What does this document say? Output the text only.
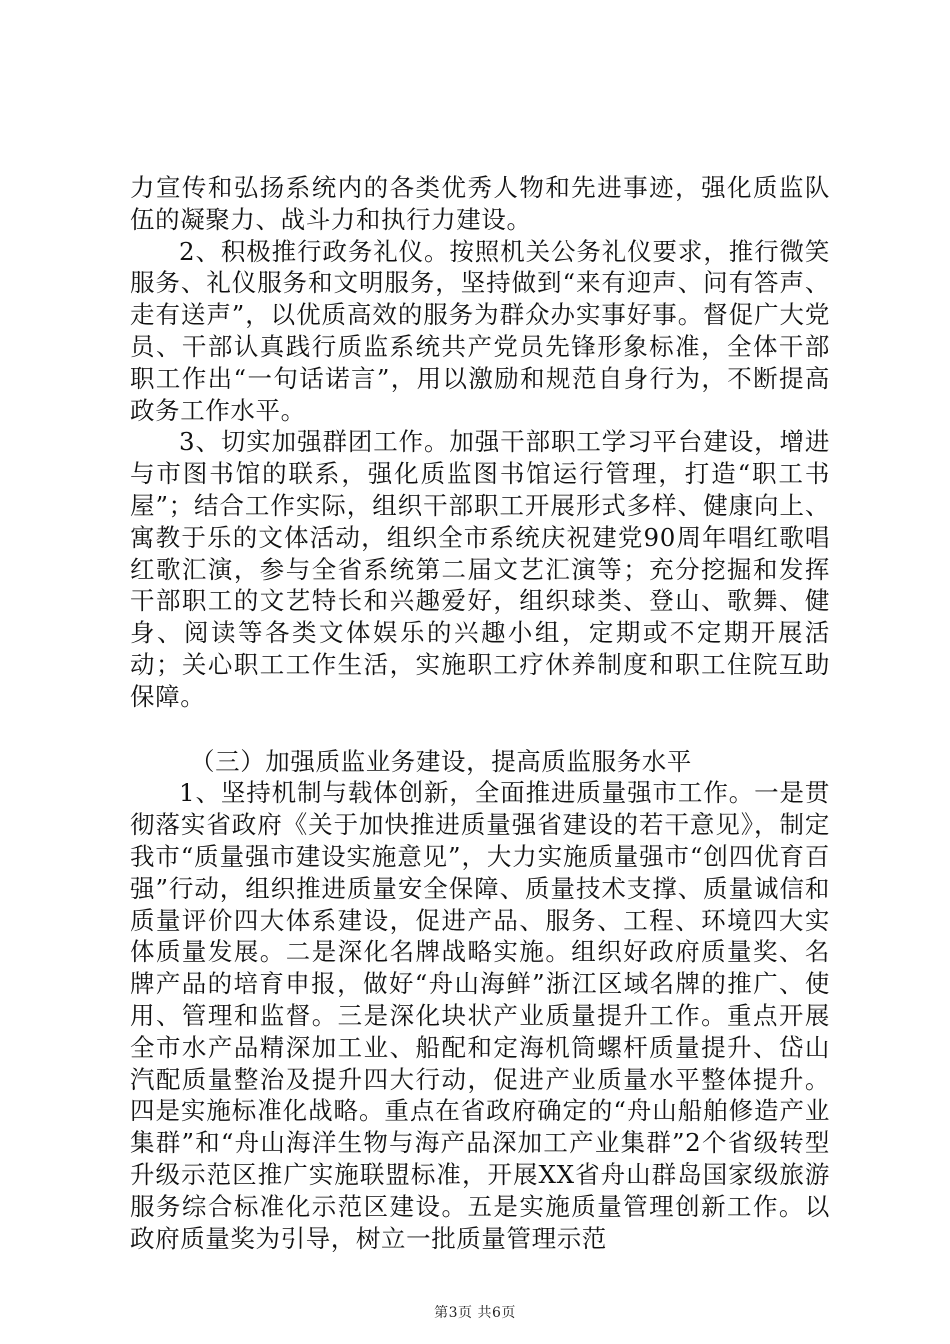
力宣传和弘扬系统内的各类优秀人物和先进事迹，强化质监队伍的凝聚力、战斗力和执行力建设。

2、积极推行政务礼仪。按照机关公务礼仪要求，推行微笑服务、礼仪服务和文明服务，坚持做到“来有迎声、问有答声、走有送声”，以优质高效的服务为群众办实事好事。督促广大党员、干部认真践行质监系统共产党员先锋形象标准，全体干部职工作出“一句话诺言”，用以激励和规范自身行为，不断提高政务工作水平。

3、切实加强群团工作。加强干部职工学习平台建设，增进与市图书馆的联系，强化质监图书馆运行管理，打造“职工书屋”；结合工作实际，组织干部职工开展形式多样、健康向上、寓教于乐的文体活动，组织全市系统庆祝建党90周年唱红歌唱红歌汇演，参与全省系统第二届文艺汇演等；充分挖掘和发挥干部职工的文艺特长和兴趣爱好，组织球类、登山、歌舞、健身、阅读等各类文体娱乐的兴趣小组，定期或不定期开展活动；关心职工工作生活，实施职工疗休养制度和职工住院互助保障。

（三）加强质监业务建设，提高质监服务水平

1、坚持机制与载体创新，全面推进质量强市工作。一是贯彻落实省政府《关于加快推进质量强省建设的若干意见》，制定我市“质量强市建设实施意见”，大力实施质量强市“创四优育百强”行动，组织推进质量安全保障、质量技术支撑、质量诚信和质量评价四大体系建设，促进产品、服务、工程、环境四大实体质量发展。二是深化名牌战略实施。组织好政府质量奖、名牌产品的培育申报，做好“舟山海鲜”浙江区域名牌的推广、使用、管理和监督。三是深化块状产业质量提升工作。重点开展全市水产品精深加工业、船配和定海机筒螺杆质量提升、岱山汽配质量整治及提升四大行动，促进产业质量水平整体提升。四是实施标准化战略。重点在省政府确定的“舟山船舶修造产业集群”和“舟山海洋生物与海产品深加工产业集群”2个省级转型升级示范区推广实施联盟标准，开展XX省舟山群岛国家级旅游服务综合标准化示范区建设。五是实施质量管理创新工作。以政府质量奖为引导，树立一批质量管理示范

第3页 共6页
